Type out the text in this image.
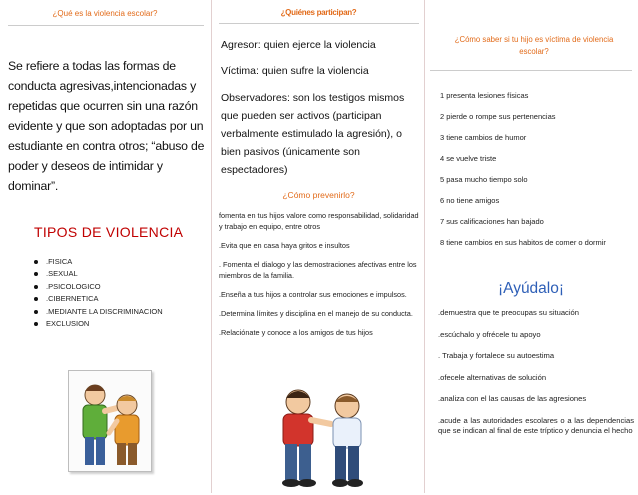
¿Qué es la violencia escolar?
Se refiere a todas las formas de conducta agresivas,intencionadas y repetidas que ocurren sin una razón evidente y que son adoptadas por un estudiante en contra otros; “abuso de poder y deseos de intimidar y dominar”.
TIPOS DE VIOLENCIA
.FISICA
.SEXUAL
.PSICOLOGICO
.CIBERNETICA
.MEDIANTE LA DISCRIMINACION
EXCLUSION
¿Quiénes participan?
Agresor: quien ejerce la violencia
Víctima: quien sufre la violencia
Observadores: son los testigos mismos que pueden ser activos (participan verbalmente estimulado la agresión), o bien pasivos (únicamente son espectadores)
¿Cómo prevenirlo?
fomenta en tus hijos valore como responsabilidad, solidaridad y trabajo en equipo, entre otros
.Evita que en casa haya gritos e insultos
. Fomenta el dialogo y las demostraciones afectivas entre los miembros de la familia.
.Enseña a tus hijos a controlar sus emociones e impulsos.
.Determina límites y disciplina en el manejo de su conducta.
.Relaciónate y conoce a los amigos de tus hijos
¿Cómo saber si tu hijo es víctima de violencia escolar?
1 presenta lesiones físicas
2 pierde o rompe sus pertenencias
3 tiene cambios de humor
4 se vuelve triste
5 pasa mucho tiempo solo
6 no tiene amigos
7 sus calificaciones han bajado
8 tiene cambios en sus habitos de comer o dormir
¡Ayúdalo¡
.demuestra que te preocupas su situación
.escúchalo y ofrécele tu apoyo
. Trabaja y fortalece su autoestima
.ofecele alternativas de solución
.analiza con el las causas de las agresiones
.acude a las autoridades escolares o a las dependencias que se indican al final de este tríptico y denuncia el hecho
